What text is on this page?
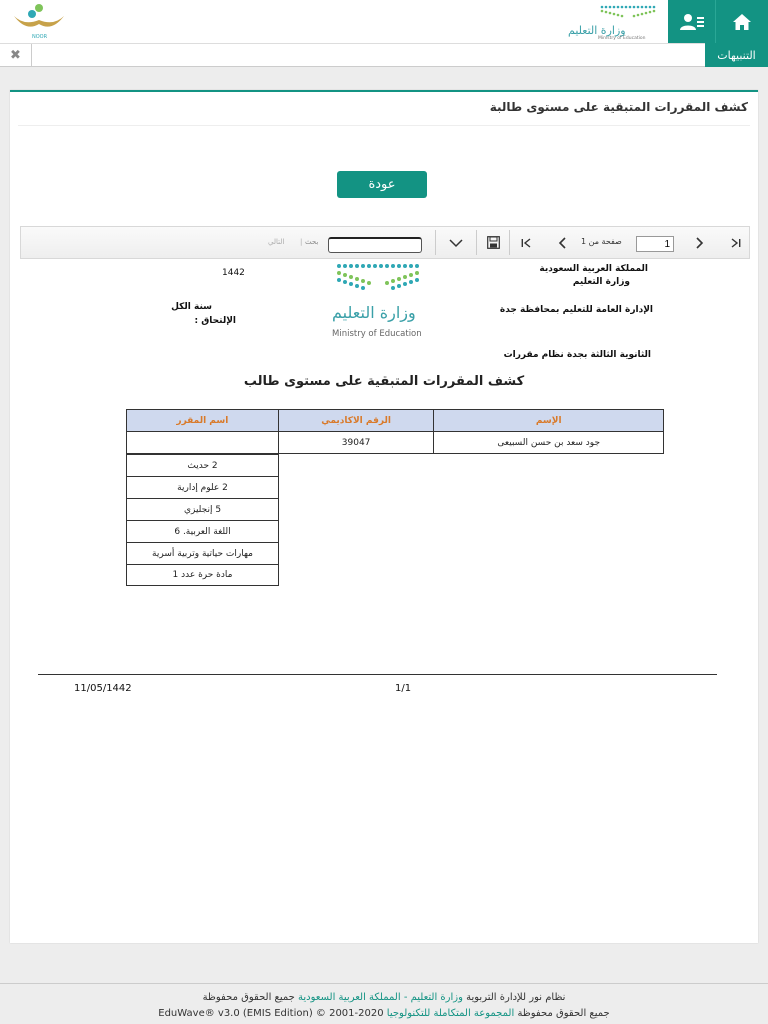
وزارة التعليم
Ministry of Education
NOOR
✖	التنبيهات
كشف المقررات المتبقية على مستوى طالبة
عودة
1
صفحة من 1
بحث
|
التالي
المملكة العربية السعودية
وزارة التعليم
الإدارة العامة للتعليم بمحافظة جدة
الثانوية الثالثة بجدة نظام مقررات
وزارة التعليم
Ministry of Education
1442
سنة الكل
الإلتحاق :
كشف المقررات المتبقية على مستوى طالب
اسم المقرر	الرقم الاكاديمي	الإسم
	39047	جود سعد بن حسن السبيعى
2 حديث
2 علوم إدارية
5 إنجليزي
اللغة العربية. 6
مهارات حياتية وتربية أسرية
مادة حرة عدد 1
11/05/1442	1/1
نظام نور للإدارة التربوية وزارة التعليم - المملكة العربية السعودية جميع الحقوق محفوظة
جميع الحقوق محفوظة المجموعة المتكاملة للتكنولوجيا EduWave® v3.0 (EMIS Edition) © 2001-2020
